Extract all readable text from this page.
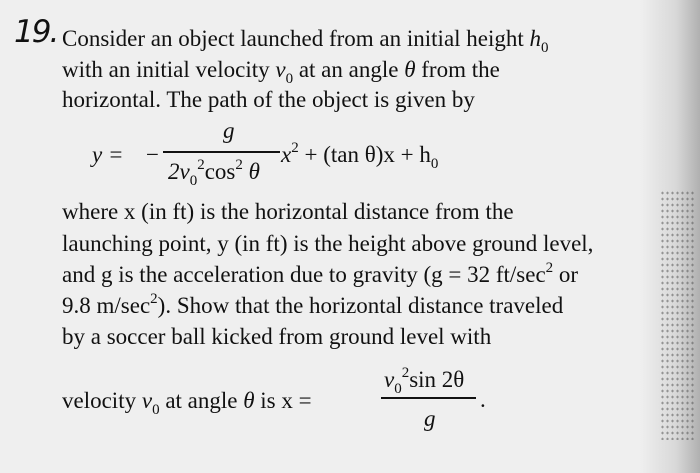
19. Consider an object launched from an initial height $h_0$
with an initial velocity $v_0$ at an angle θ from the
horizontal. The path of the object is given by
y = −
g
$2v_0^2\cos^2$ θ
$x^2 + (\tan$ $\theta)x + h_0$
where x (in ft) is the horizontal distance from the
launching point, y (in ft) is the height above ground level,
and g is the acceleration due to gravity (g = 32 $ft/\sec^2$ or
9.8 $m/\sec^2$). Show that the horizontal distance traveled
by a soccer ball kicked from ground level with
velocity $v_0$ at angle θ is x =
$v_0^2\sin$ 2θ
g
.
